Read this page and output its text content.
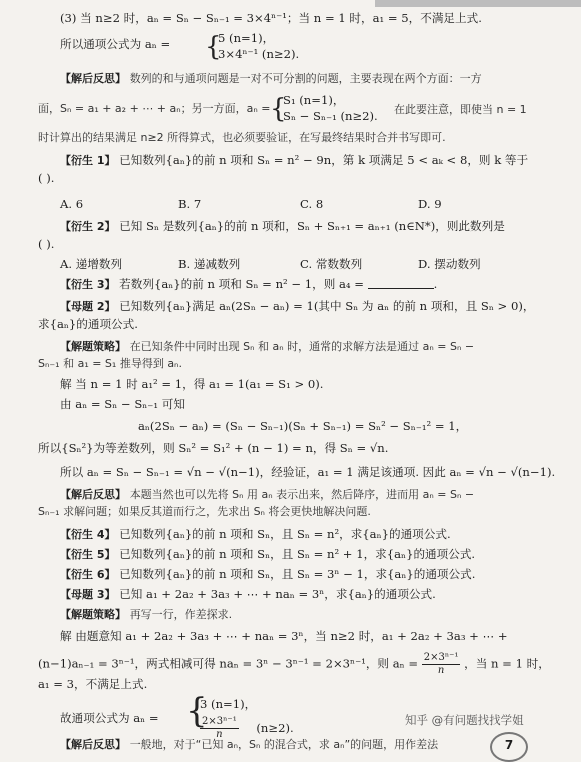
(3) 当 n≥2 时，aₙ = Sₙ − Sₙ₋₁ = 3×4ⁿ⁻¹；当 n = 1 时，a₁ = 5，不满足上式.
所以通项公式为 aₙ =	{
5 (n=1)，
3×4ⁿ⁻¹ (n≥2).
【解后反思】 数列的和与通项问题是一对不可分割的问题，主要表现在两个方面：一方
面，Sₙ = a₁ + a₂ + ⋯ + aₙ；另一方面，aₙ = {
S₁ (n=1)，
Sₙ − Sₙ₋₁ (n≥2).	在此要注意，即使当 n = 1
时计算出的结果满足 n≥2 所得算式，也必须要验证，在写最终结果时合并书写即可.
【衍生 1】 已知数列{aₙ}的前 n 项和 Sₙ = n² − 9n，第 k 项满足 5 < aₖ < 8，则 k 等于
( ).
A. 6	B. 7	C. 8	D. 9
【衍生 2】 已知 Sₙ 是数列{aₙ}的前 n 项和，Sₙ + Sₙ₊₁ = aₙ₊₁ (n∈N*)，则此数列是
( ).
A. 递增数列	B. 递减数列	C. 常数数列	D. 摆动数列
【衍生 3】 若数列{aₙ}的前 n 项和 Sₙ = n² − 1，则 a₄ =	.
【母题 2】 已知数列{aₙ}满足 aₙ(2Sₙ − aₙ) = 1(其中 Sₙ 为 aₙ 的前 n 项和，且 Sₙ > 0)，
求{aₙ}的通项公式.
【解题策略】 在已知条件中同时出现 Sₙ 和 aₙ 时，通常的求解方法是通过 aₙ = Sₙ −
Sₙ₋₁ 和 a₁ = S₁ 推导得到 aₙ.
解 当 n = 1 时 a₁² = 1，得 a₁ = 1(a₁ = S₁ > 0).
由 aₙ = Sₙ − Sₙ₋₁ 可知
aₙ(2Sₙ − aₙ) = (Sₙ − Sₙ₋₁)(Sₙ + Sₙ₋₁) = Sₙ² − Sₙ₋₁² = 1，
所以{Sₙ²}为等差数列，则 Sₙ² = S₁² + (n − 1) = n，得 Sₙ = √n.
所以 aₙ = Sₙ − Sₙ₋₁ = √n − √(n−1)，经验证，a₁ = 1 满足该通项. 因此 aₙ = √n − √(n−1).
【解后反思】 本题当然也可以先将 Sₙ 用 aₙ 表示出来，然后降序，进而用 aₙ = Sₙ −
Sₙ₋₁ 求解问题；如果反其道而行之，先求出 Sₙ 将会更快地解决问题.
【衍生 4】 已知数列{aₙ}的前 n 项和 Sₙ，且 Sₙ = n²，求{aₙ}的通项公式.
【衍生 5】 已知数列{aₙ}的前 n 项和 Sₙ，且 Sₙ = n² + 1，求{aₙ}的通项公式.
【衍生 6】 已知数列{aₙ}的前 n 项和 Sₙ，且 Sₙ = 3ⁿ − 1，求{aₙ}的通项公式.
【母题 3】 已知 a₁ + 2a₂ + 3a₃ + ⋯ + naₙ = 3ⁿ，求{aₙ}的通项公式.
【解题策略】 再写一行，作差探求.
解 由题意知 a₁ + 2a₂ + 3a₃ + ⋯ + naₙ = 3ⁿ，当 n≥2 时，a₁ + 2a₂ + 3a₃ + ⋯ +
(n−1)aₙ₋₁ = 3ⁿ⁻¹，两式相减可得 naₙ = 3ⁿ − 3ⁿ⁻¹ = 2×3ⁿ⁻¹，则 $a_n = \frac{\text{2×3ⁿ⁻¹}}{n}$ ，当 n = 1 时，
a₁ = 3，不满足上式.
故通项公式为 aₙ = {
3 (n=1)，
$\frac{\text{2×3ⁿ⁻¹}}{n} (n\ge 2)$.
【解后反思】 一般地，对于“已知 aₙ，Sₙ 的混合式，求 aₙ”的问题，用作差法
知乎 @有问题找找学姐
7
